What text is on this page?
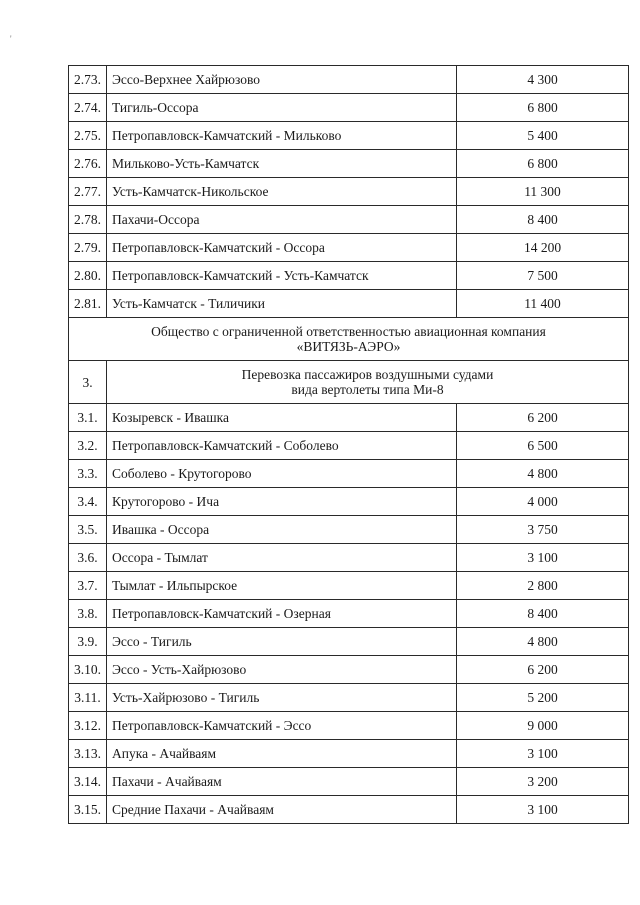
'
2.73.	Эссо-Верхнее Хайрюзово	4 300
2.74.	Тигиль-Оссора	6 800
2.75.	Петропавловск-Камчатский - Мильково	5 400
2.76.	Мильково-Усть-Камчатск	6 800
2.77.	Усть-Камчатск-Никольское	11 300
2.78.	Пахачи-Оссора	8 400
2.79.	Петропавловск-Камчатский - Оссора	14 200
2.80.	Петропавловск-Камчатский - Усть-Камчатск	7 500
2.81.	Усть-Камчатск - Тиличики	11 400

Общество с ограниченной ответственностью авиационная компания
«ВИТЯЗЬ-АЭРО»		

3.	Перевозка пассажиров воздушными судами
вида вертолеты типа Ми-8	

3.1.	Козыревск - Ивашка	6 200
3.2.	Петропавловск-Камчатский - Соболево	6 500
3.3.	Соболево - Крутогорово	4 800
3.4.	Крутогорово - Ича	4 000
3.5.	Ивашка - Оссора	3 750
3.6.	Оссора - Тымлат	3 100
3.7.	Тымлат - Ильпырское	2 800
3.8.	Петропавловск-Камчатский - Озерная	8 400
3.9.	Эссо - Тигиль	4 800
3.10.	Эссо - Усть-Хайрюзово	6 200
3.11.	Усть-Хайрюзово - Тигиль	5 200
3.12.	Петропавловск-Камчатский - Эссо	9 000
3.13.	Апука - Ачайваям	3 100
3.14.	Пахачи - Ачайваям	3 200
3.15.	Средние Пахачи - Ачайваям	3 100
